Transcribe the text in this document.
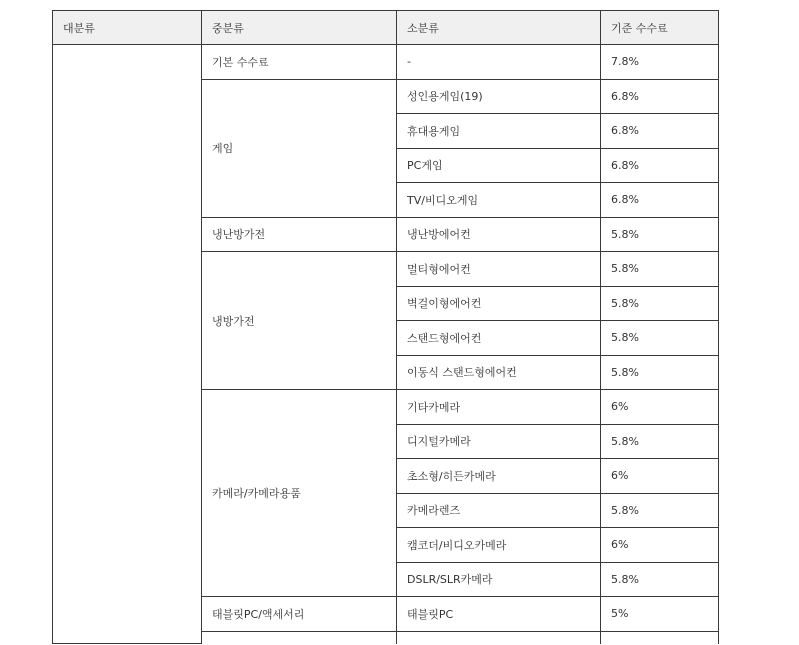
대분류	중분류	소분류	기준 수수료
	기본 수수료	-	7.8%
	게임	성인용게임(19)	6.8%
		휴대용게임	6.8%
		PC게임	6.8%
		TV/비디오게임	6.8%
	냉난방가전	냉난방에어컨	5.8%
	냉방가전	멀티형에어컨	5.8%
		벽걸이형에어컨	5.8%
		스탠드형에어컨	5.8%
		이동식 스탠드형에어컨	5.8%
	카메라/카메라용품	기타카메라	6%
		디지털카메라	5.8%
		초소형/히든카메라	6%
		카메라렌즈	5.8%
		캠코더/비디오카메라	6%
		DSLR/SLR카메라	5.8%
	태블릿PC/액세서리	태블릿PC	5%
